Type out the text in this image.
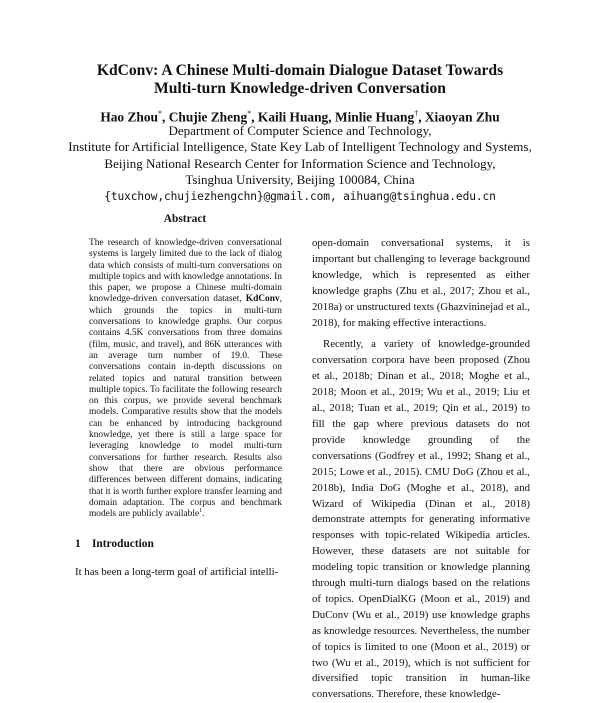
KdConv: A Chinese Multi-domain Dialogue Dataset Towards
Multi-turn Knowledge-driven Conversation
Hao Zhou*, Chujie Zheng*, Kaili Huang, Minlie Huang†, Xiaoyan Zhu
Department of Computer Science and Technology,
Institute for Artificial Intelligence, State Key Lab of Intelligent Technology and Systems,
Beijing National Research Center for Information Science and Technology,
Tsinghua University, Beijing 100084, China
{tuxchow,chujiezhengchn}@gmail.com, aihuang@tsinghua.edu.cn
Abstract
The research of knowledge-driven conversational systems is largely limited due to the lack of dialog data which consists of multi-turn conversations on multiple topics and with knowledge annotations. In this paper, we propose a Chinese multi-domain knowledge-driven conversation dataset, KdConv, which grounds the topics in multi-turn conversations to knowledge graphs. Our corpus contains 4.5K conversations from three domains (film, music, and travel), and 86K utterances with an average turn number of 19.0. These conversations contain in-depth discussions on related topics and natural transition between multiple topics. To facilitate the following research on this corpus, we provide several benchmark models. Comparative results show that the models can be enhanced by introducing background knowledge, yet there is still a large space for leveraging knowledge to model multi-turn conversations for further research. Results also show that there are obvious performance differences between different domains, indicating that it is worth further explore transfer learning and domain adaptation. The corpus and benchmark models are publicly available$^1$.
1 Introduction
It has been a long-term goal of artificial intelli-

open-domain conversational systems, it is important but challenging to leverage background knowledge, which is represented as either knowledge graphs (Zhu et al., 2017; Zhou et al., 2018a) or unstructured texts (Ghazvininejad et al., 2018), for making effective interactions.

Recently, a variety of knowledge-grounded conversation corpora have been proposed (Zhou et al., 2018b; Dinan et al., 2018; Moghe et al., 2018; Moon et al., 2019; Wu et al., 2019; Liu et al., 2018; Tuan et al., 2019; Qin et al., 2019) to fill the gap where previous datasets do not provide knowledge grounding of the conversations (Godfrey et al., 1992; Shang et al., 2015; Lowe et al., 2015). CMU DoG (Zhou et al., 2018b), India DoG (Moghe et al., 2018), and Wizard of Wikipedia (Dinan et al., 2018) demonstrate attempts for generating informative responses with topic-related Wikipedia articles. However, these datasets are not suitable for modeling topic transition or knowledge planning through multi-turn dialogs based on the relations of topics. OpenDialKG (Moon et al., 2019) and DuConv (Wu et al., 2019) use knowledge graphs as knowledge resources. Nevertheless, the number of topics is limited to one (Moon et al., 2019) or two (Wu et al., 2019), which is not sufficient for diversified topic transition in human-like conversations. Therefore, these knowledge-
